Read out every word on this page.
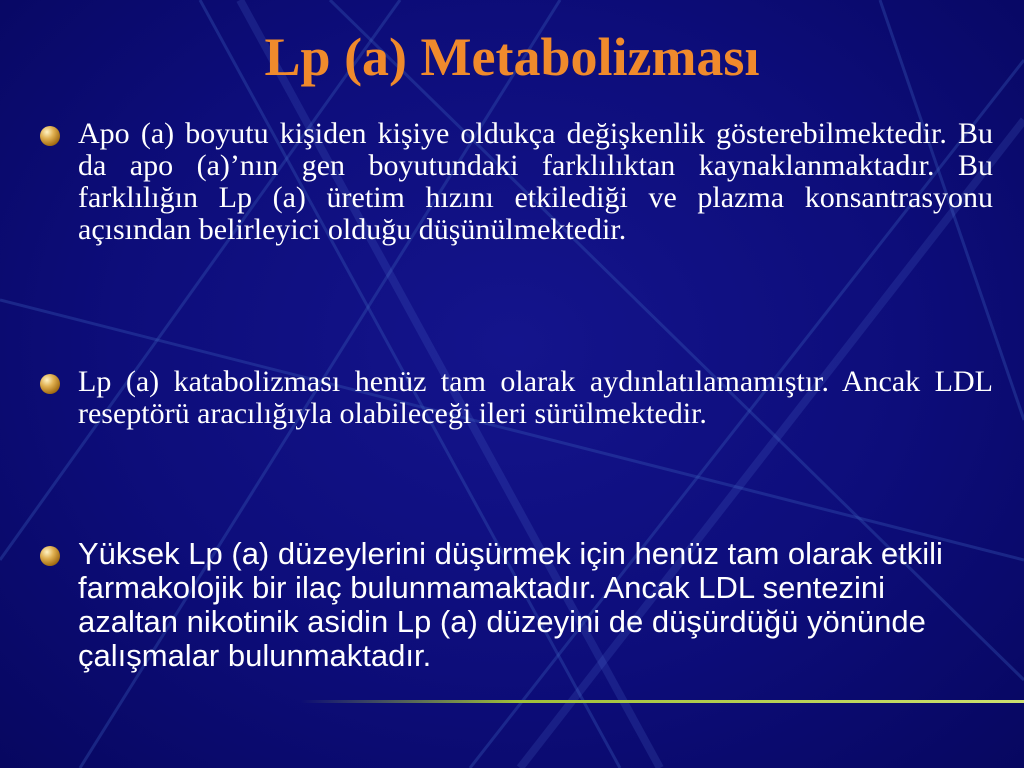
Lp (a) Metabolizması
Apo (a) boyutu kişiden kişiye oldukça değişkenlik gösterebilmektedir. Bu da apo (a)’nın gen boyutundaki farklılıktan kaynaklanmaktadır. Bu farklılığın Lp (a) üretim hızını etkilediği ve plazma konsantrasyonu açısından belirleyici olduğu düşünülmektedir.
Lp (a) katabolizması henüz tam olarak aydınlatılamamıştır. Ancak LDL reseptörü aracılığıyla olabileceği ileri sürülmektedir.
Yüksek Lp (a) düzeylerini düşürmek için henüz tam olarak etkili farmakolojik bir ilaç bulunmamaktadır. Ancak LDL sentezini azaltan nikotinik asidin Lp (a) düzeyini de düşürdüğü yönünde çalışmalar bulunmaktadır.
